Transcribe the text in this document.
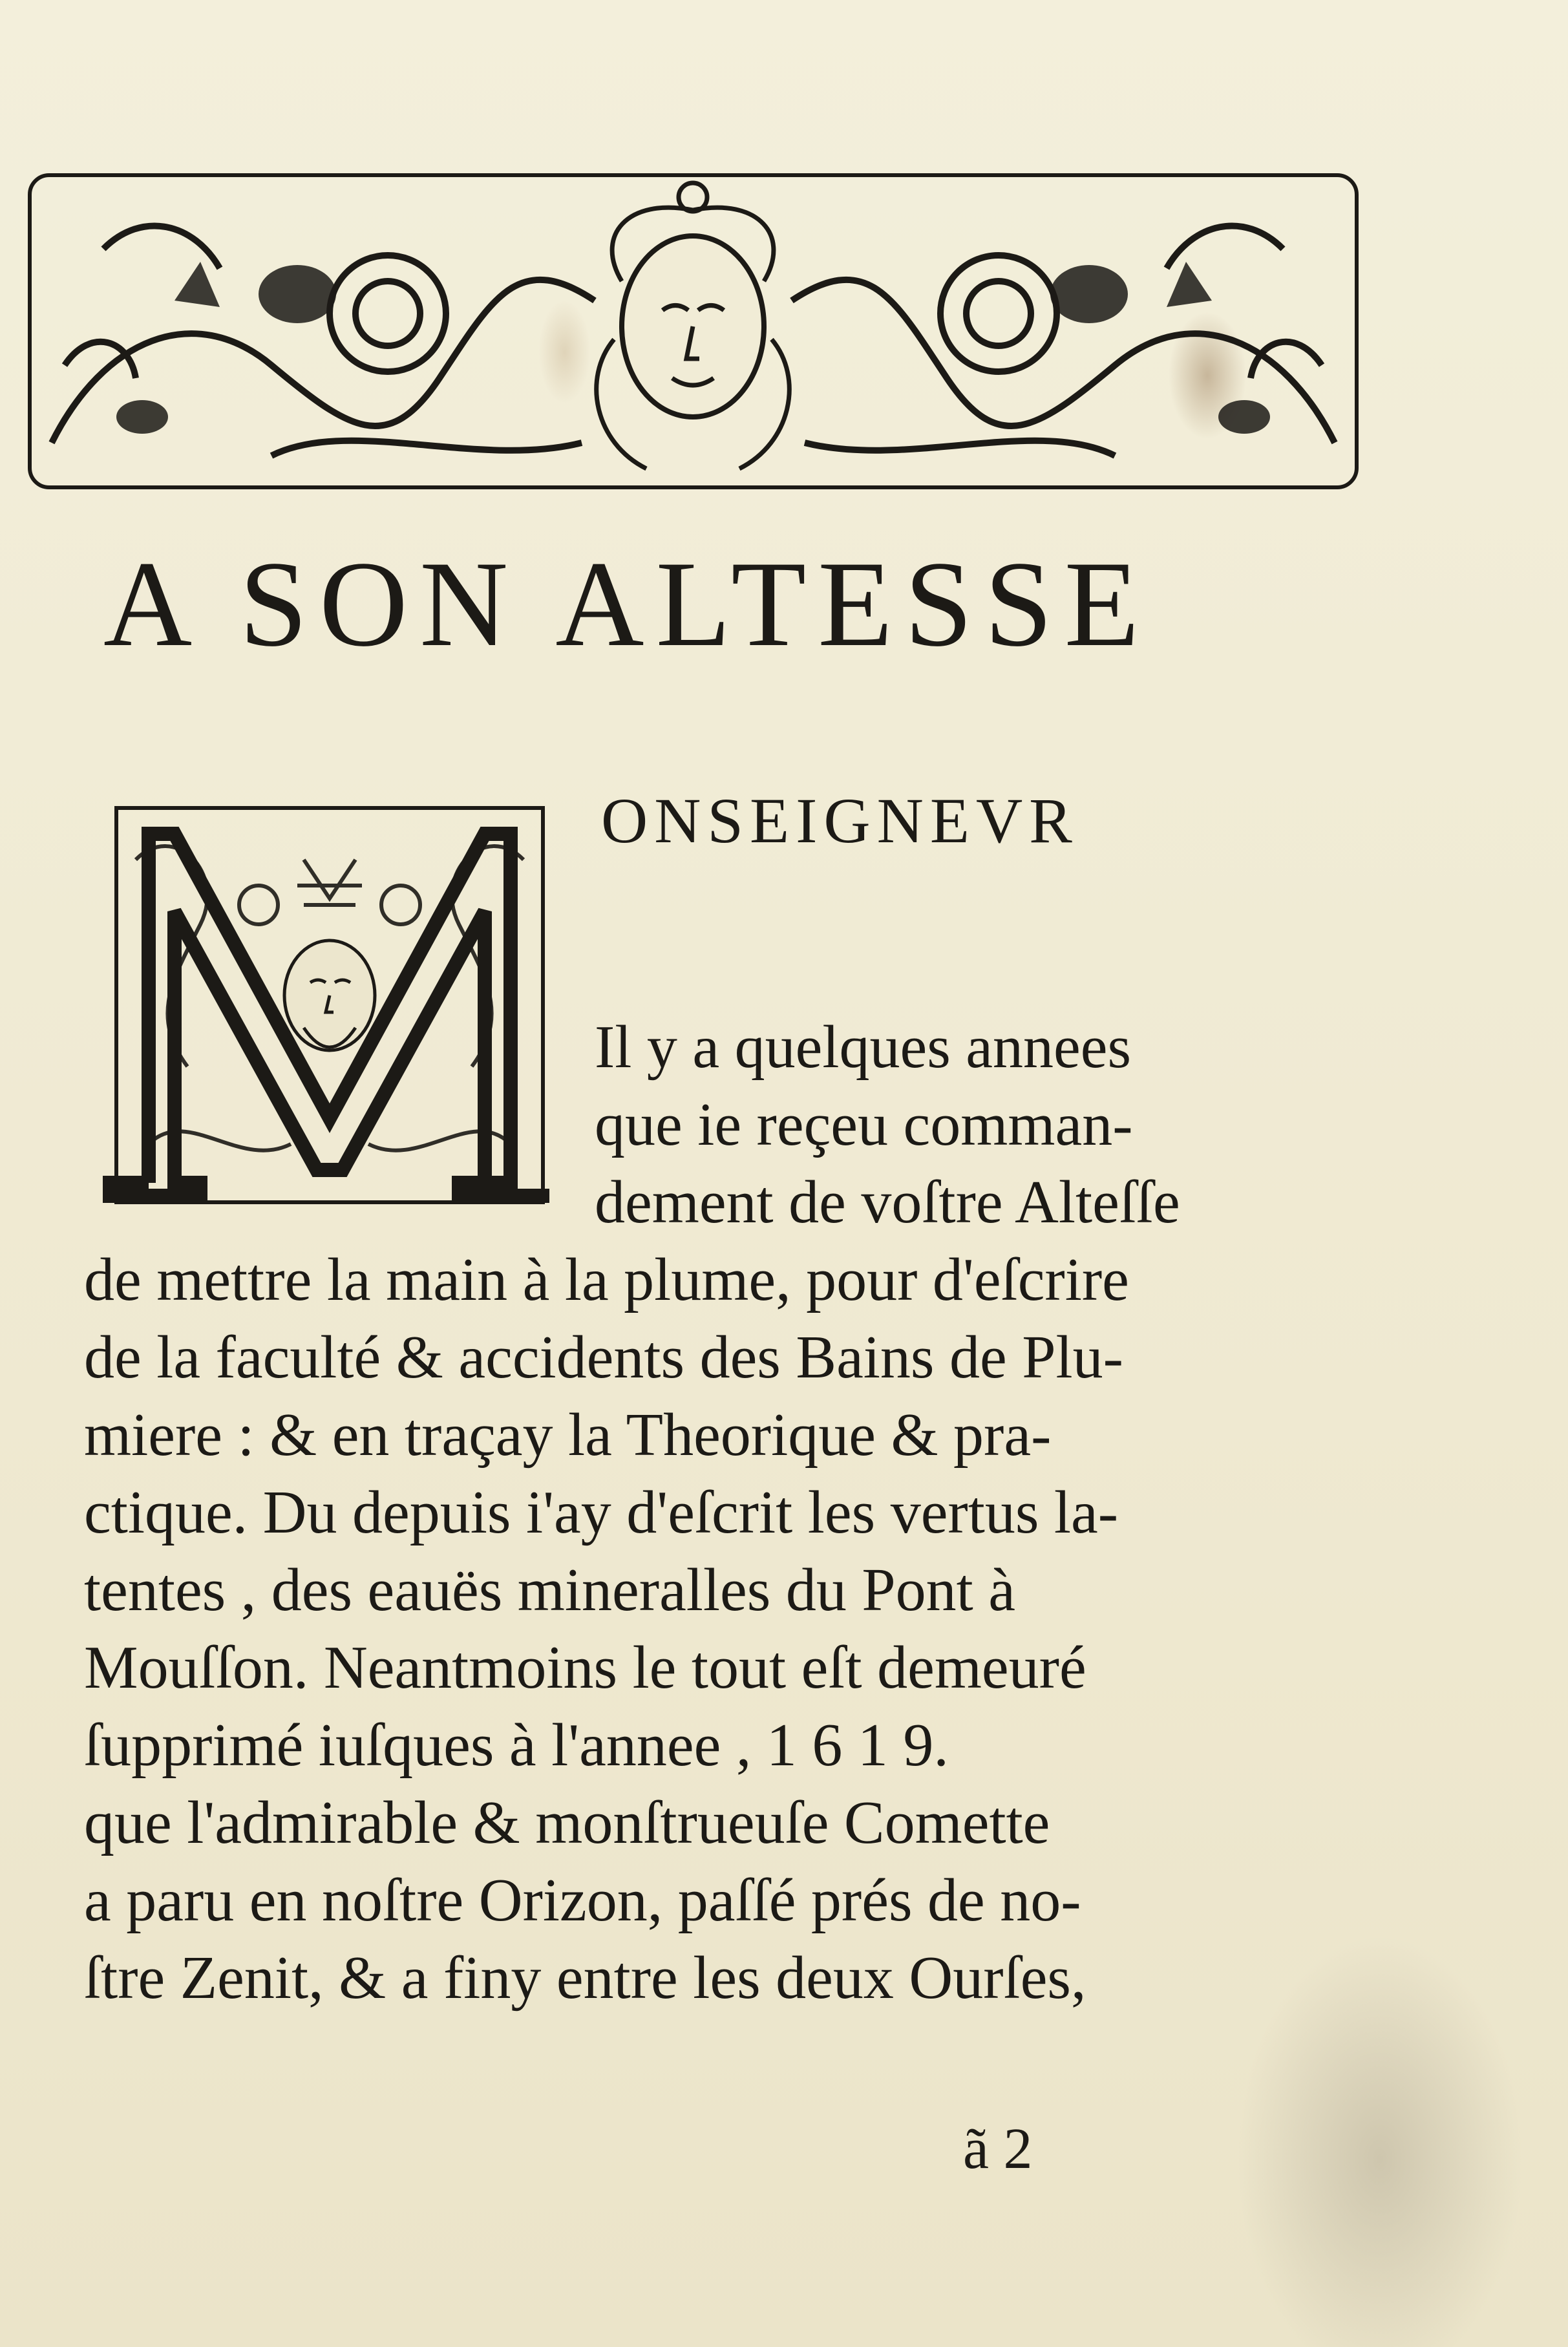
A SON ALTESSE
ONSEIGNEVR
Il y a quelques annees
que ie reçeu comman-
dement de voſtre Alteſſe
de mettre la main à la plume, pour d'eſcrire
de la faculté & accidents des Bains de Plu-
miere : & en traçay la Theorique & pra-
ctique. Du depuis i'ay d'eſcrit les vertus la-
tentes , des eauës mineralles du Pont à
Mouſſon. Neantmoins le tout eſt demeuré
ſupprimé iuſques à l'annee , 1 6 1 9.
que l'admirable & monſtrueuſe Comette
a paru en noſtre Orizon, paſſé prés de no-
ſtre Zenit, & a finy entre les deux Ourſes,
ã 2
